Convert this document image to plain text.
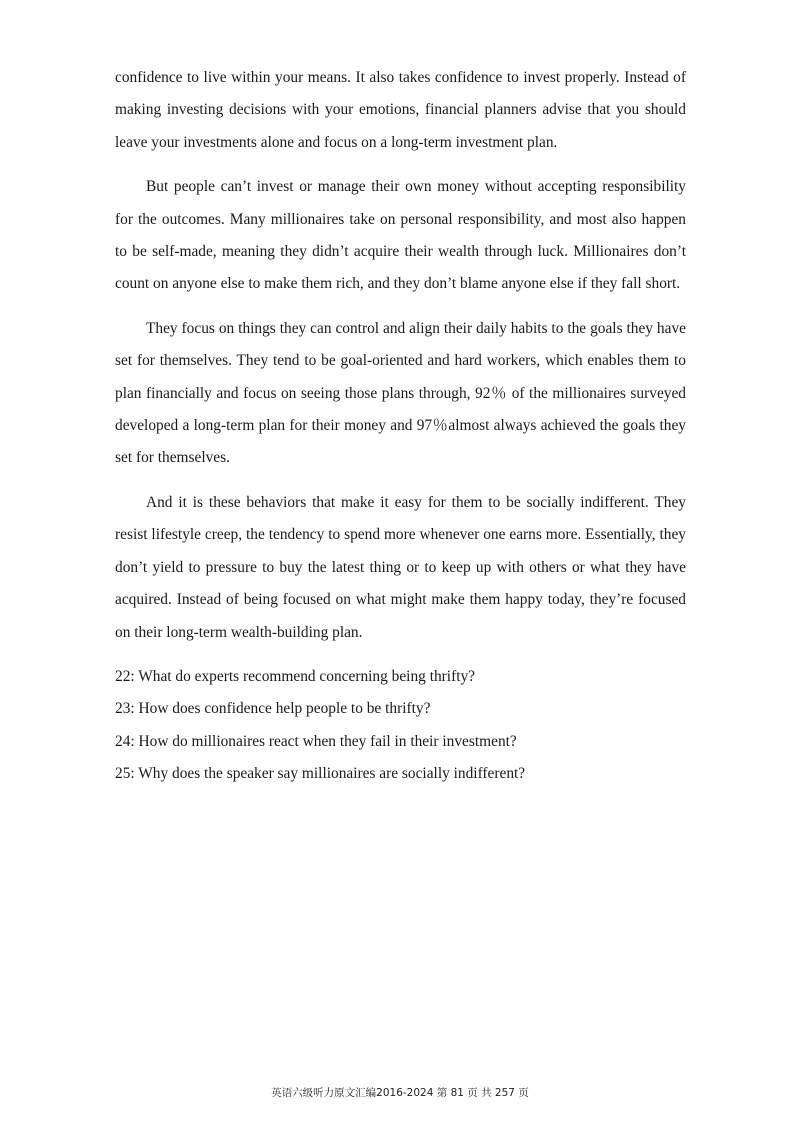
confidence to live within your means. It also takes confidence to invest properly. Instead of making investing decisions with your emotions, financial planners advise that you should leave your investments alone and focus on a long-term investment plan.

But people can’t invest or manage their own money without accepting responsibility for the outcomes. Many millionaires take on personal responsibility, and most also happen to be self-made, meaning they didn’t acquire their wealth through luck. Millionaires don’t count on anyone else to make them rich, and they don’t blame anyone else if they fall short.

They focus on things they can control and align their daily habits to the goals they have set for themselves. They tend to be goal-oriented and hard workers, which enables them to plan financially and focus on seeing those plans through, 92％ of the millionaires surveyed developed a long-term plan for their money and 97％almost always achieved the goals they set for themselves.

And it is these behaviors that make it easy for them to be socially indifferent. They resist lifestyle creep, the tendency to spend more whenever one earns more. Essentially, they don’t yield to pressure to buy the latest thing or to keep up with others or what they have acquired. Instead of being focused on what might make them happy today, they’re focused on their long-term wealth-building plan.

22: What do experts recommend concerning being thrifty?

23: How does confidence help people to be thrifty?

24: How do millionaires react when they fail in their investment?

25: Why does the speaker say millionaires are socially indifferent?

英语六级听力原文汇编2016-2024 第 81 页 共 257 页
